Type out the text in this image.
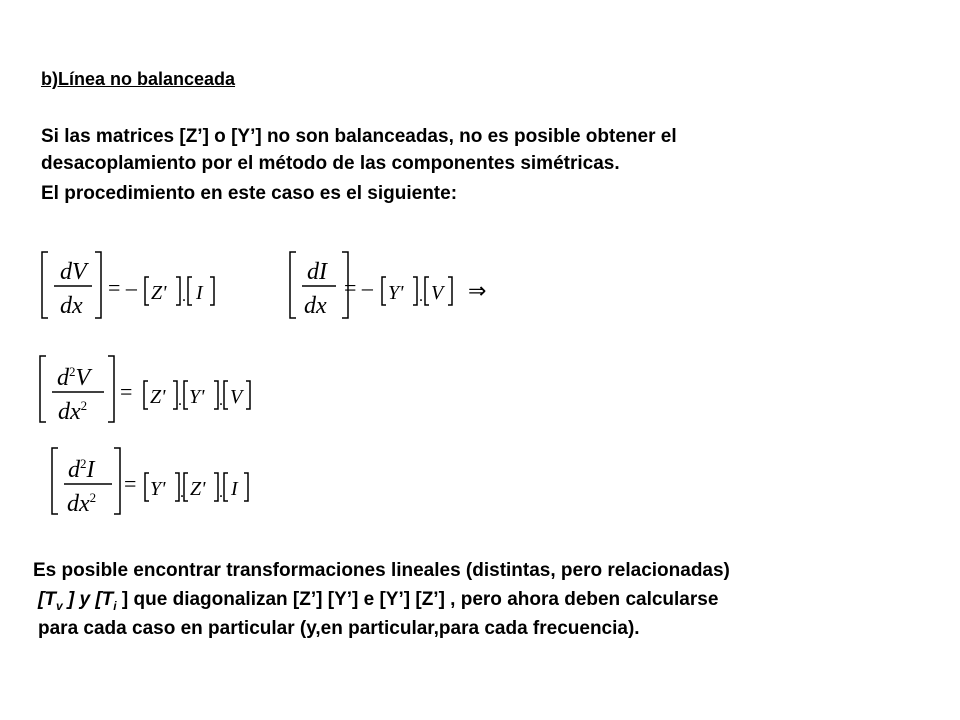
b)Línea no balanceada
Si las matrices [Z’] o [Y’] no son balanceadas, no es posible obtener el
desacoplamiento por el método de las componentes simétricas.
El procedimiento en este caso es el siguiente:
dV
dx
= – Z' . I
dI
dx
= – Y' . V ⇒
$d^2V$
$dx^2$
= Z' . Y' . V
$d^2I$
$dx^2$
= Y' . Z' . I
Es posible encontrar transformaciones lineales (distintas, pero relacionadas)
[$T_v$ ] y [$T_i$ ] que diagonalizan [Z’] [Y’] e [Y’] [Z’] , pero ahora deben calcularse
para cada caso en particular (y,en particular,para cada frecuencia).
